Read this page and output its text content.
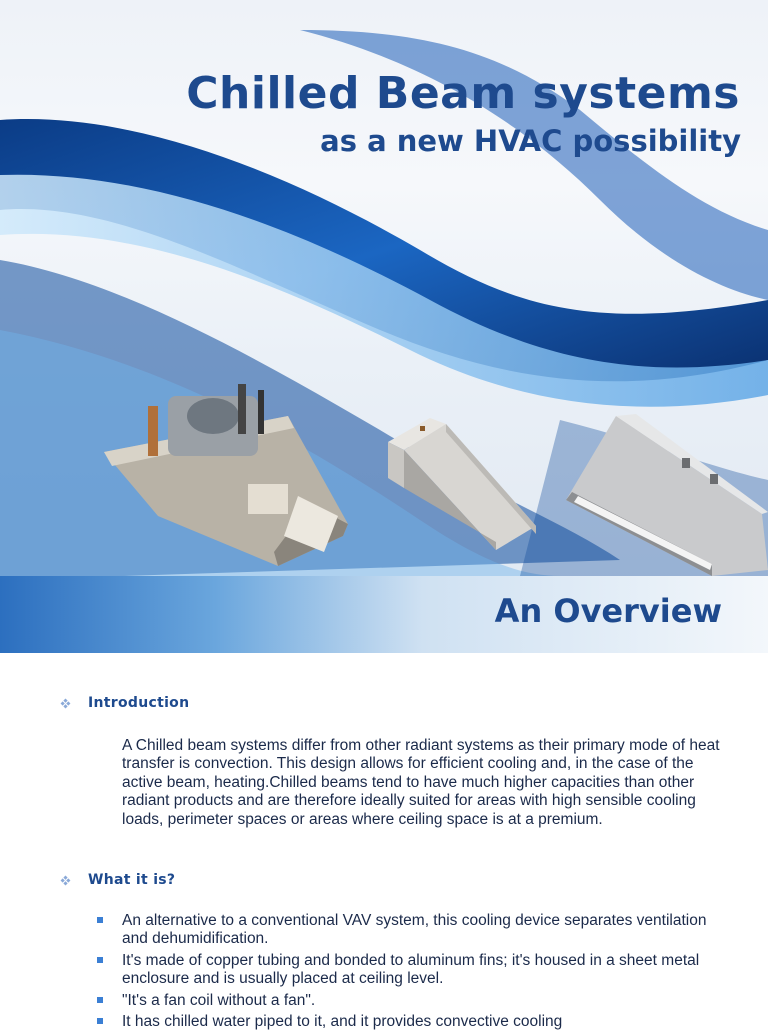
Chilled Beam systems
as a new HVAC possibility
An Overview
Introduction

A Chilled beam systems differ from other radiant systems as their primary mode of heat transfer is convection. This design allows for efficient cooling and, in the case of the active beam, heating.Chilled beams tend to have much higher capacities than other radiant products and are therefore ideally suited for areas with high sensible cooling loads, perimeter spaces or areas where ceiling space is at a premium.

What it is?
An alternative to a conventional VAV system, this cooling device separates ventilation and dehumidification.
It's made of copper tubing and bonded to aluminum fins; it's housed in a sheet metal enclosure and is usually placed at ceiling level.
"It's a fan coil without a fan".
It has chilled water piped to it, and it provides convective cooling
